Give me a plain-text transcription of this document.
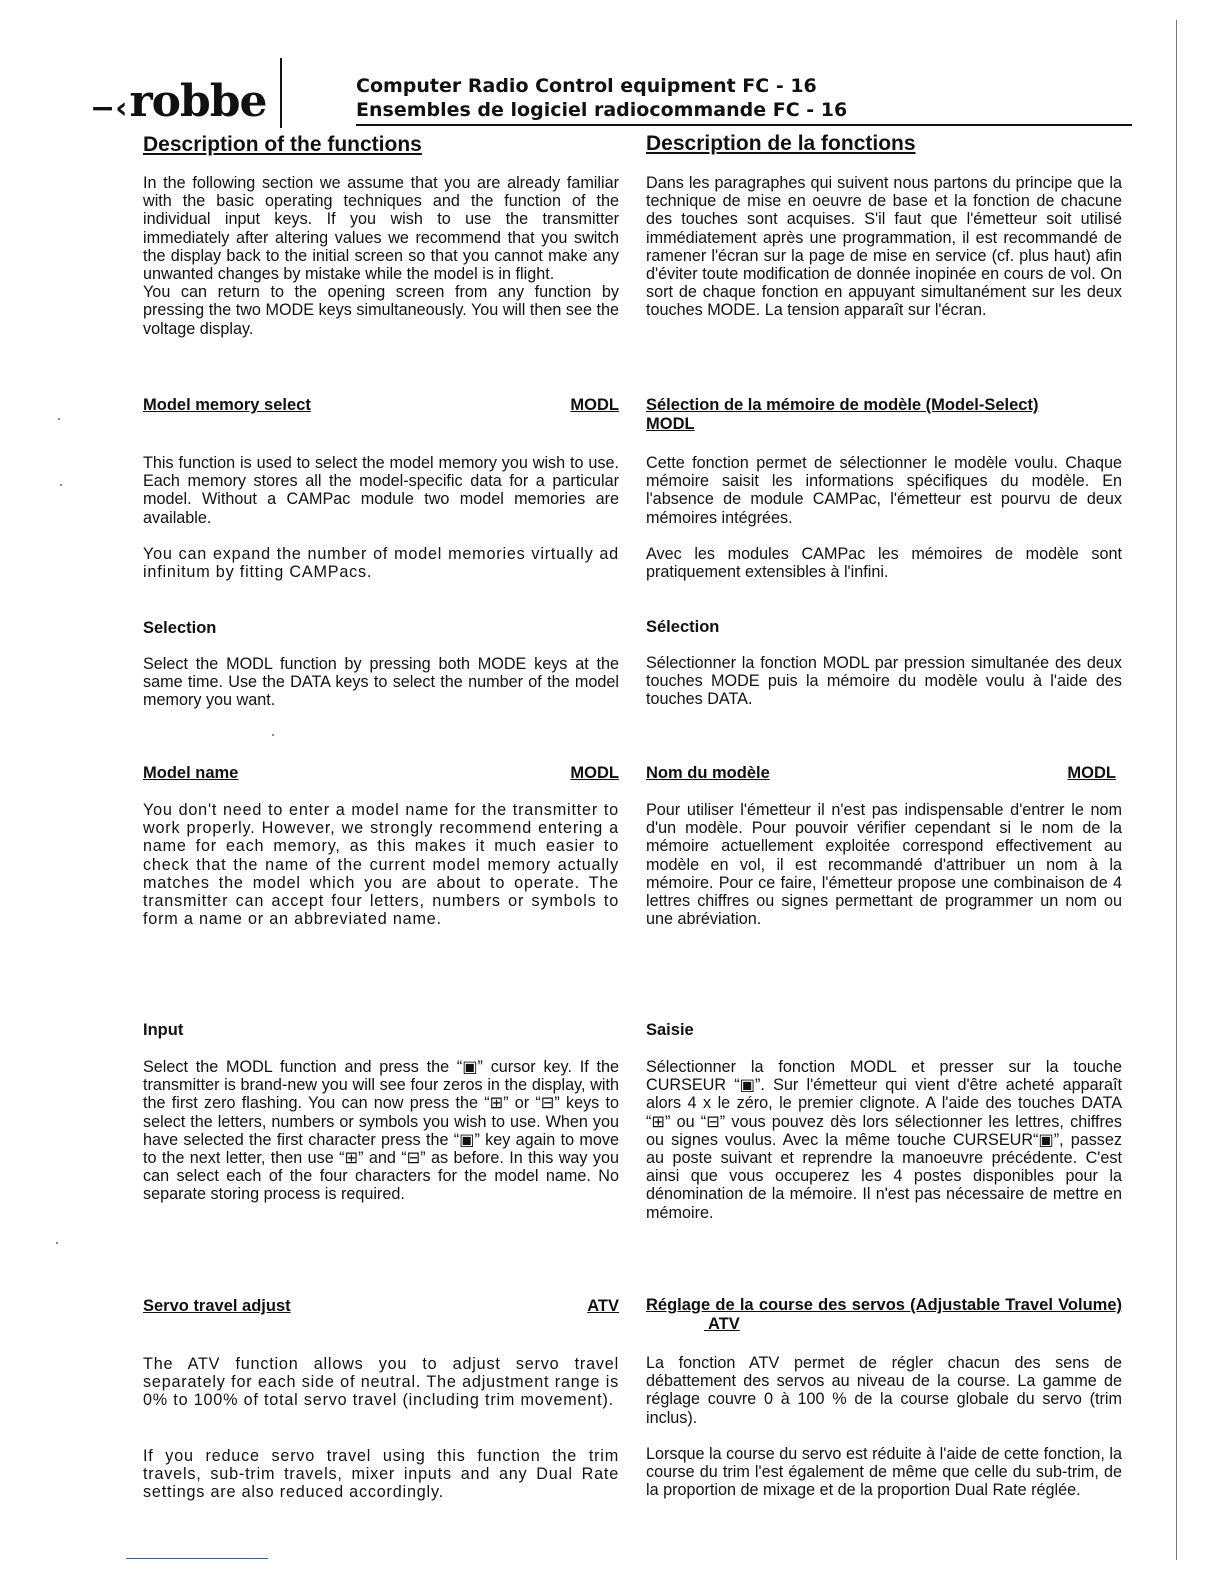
−‹ robbe	Computer Radio Control equipment FC - 16
Ensembles de logiciel radiocommande FC - 16
Description of the functions

In the following section we assume that you are already familiar with the basic operating techniques and the function of the individual input keys. If you wish to use the transmitter immediately after altering values we recommend that you switch the display back to the initial screen so that you cannot make any unwanted changes by mistake while the model is in flight.
You can return to the opening screen from any function by pressing the two MODE keys simultaneously. You will then see the voltage display.

Model memory select	MODL

This function is used to select the model memory you wish to use. Each memory stores all the model-specific data for a particular model. Without a CAMPac module two model memories are available.

You can expand the number of model memories virtually ad infinitum by fitting CAMPacs.

Selection

Select the MODL function by pressing both MODE keys at the same time. Use the DATA keys to select the number of the model memory you want.

Model name	MODL

You don't need to enter a model name for the transmitter to work properly. However, we strongly recommend entering a name for each memory, as this makes it much easier to check that the name of the current model memory actually matches the model which you are about to operate. The transmitter can accept four letters, numbers or symbols to form a name or an abbreviated name.

Input

Select the MODL function and press the “▣” cursor key. If the transmitter is brand-new you will see four zeros in the display, with the first zero flashing. You can now press the “⊞” or “⊟” keys to select the letters, numbers or symbols you wish to use. When you have selected the first character press the “▣” key again to move to the next letter, then use “⊞” and “⊟” as before. In this way you can select each of the four characters for the model name. No separate storing process is required.

Servo travel adjust	ATV

The ATV function allows you to adjust servo travel separately for each side of neutral. The adjustment range is 0% to 100% of total servo travel (including trim movement).

If you reduce servo travel using this function the trim travels, sub-trim travels, mixer inputs and any Dual Rate settings are also reduced accordingly.

Description de la fonctions

Dans les paragraphes qui suivent nous partons du principe que la technique de mise en oeuvre de base et la fonction de chacune des touches sont acquises. S'il faut que l'émetteur soit utilisé immédiatement après une programmation, il est recommandé de ramener l'écran sur la page de mise en service (cf. plus haut) afin d'éviter toute modification de donnée inopinée en cours de vol. On sort de chaque fonction en appuyant simultanément sur les deux touches MODE. La tension apparaît sur l'écran.

Sélection de la mémoire de modèle (Model-Select)
MODL

Cette fonction permet de sélectionner le modèle voulu. Chaque mémoire saisit les informations spécifiques du modèle. En l'absence de module CAMPac, l'émetteur est pourvu de deux mémoires intégrées.

Avec les modules CAMPac les mémoires de modèle sont pratiquement extensibles à l'infini.

Sélection

Sélectionner la fonction MODL par pression simultanée des deux touches MODE puis la mémoire du modèle voulu à l'aide des touches DATA.

Nom du modèle	MODL

Pour utiliser l'émetteur il n'est pas indispensable d'entrer le nom d'un modèle. Pour pouvoir vérifier cependant si le nom de la mémoire actuellement exploitée correspond effectivement au modèle en vol, il est recommandé d'attribuer un nom à la mémoire. Pour ce faire, l'émetteur propose une combinaison de 4 lettres chiffres ou signes permettant de programmer un nom ou une abréviation.

Saisie

Sélectionner la fonction MODL et presser sur la touche CURSEUR “▣”. Sur l'émetteur qui vient d'être acheté apparaît alors 4 x le zéro, le premier clignote. A l'aide des touches DATA “⊞” ou “⊟” vous pouvez dès lors sélectionner les lettres, chiffres ou signes voulus. Avec la même touche CURSEUR“▣”, passez au poste suivant et reprendre la manoeuvre précédente. C'est ainsi que vous occuperez les 4 postes disponibles pour la dénomination de la mémoire. Il n'est pas nécessaire de mettre en mémoire.

Réglage de la course des servos (Adjustable Travel Volume)  ATV

La fonction ATV permet de régler chacun des sens de débattement des servos au niveau de la course. La gamme de réglage couvre 0 à 100 % de la course globale du servo (trim inclus).

Lorsque la course du servo est réduite à l'aide de cette fonction, la course du trim l'est également de même que celle du sub-trim, de la proportion de mixage et de la proportion Dual Rate réglée.
